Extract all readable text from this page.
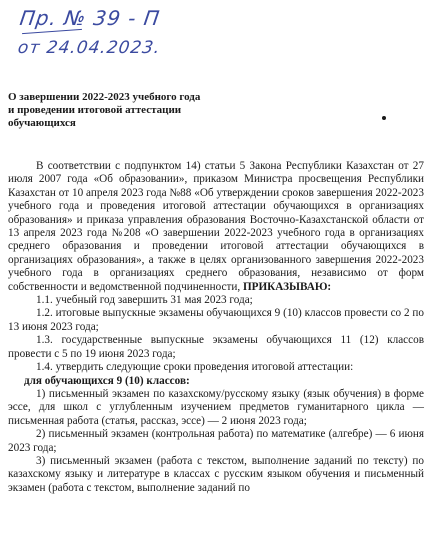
Пр. № 39 - П
от 24.04.2023.
О завершении 2022-2023 учебного года
и проведении итоговой аттестации
обучающихся

В соответствии с подпунктом 14) статьи 5 Закона Республики Казахстан от 27 июля 2007 года «Об образовании», приказом Министра просвещения Республики Казахстан от 10 апреля 2023 года №88 «Об утверждении сроков завершения 2022-2023 учебного года и проведения итоговой аттестации обучающихся в организациях образования» и приказа управления образования Восточно-Казахстанской области от 13 апреля 2023 года №208 «О завершении 2022-2023 учебного года в организациях среднего образования и проведении итоговой аттестации обучающихся в организациях образования», а также в целях организованного завершения 2022-2023 учебного года в организациях среднего образования, независимо от форм собственности и ведомственной подчиненности, ПРИКАЗЫВАЮ:

1.1. учебный год завершить 31 мая 2023 года;

1.2. итоговые выпускные экзамены обучающихся 9 (10) классов провести со 2 по 13 июня 2023 года;

1.3. государственные выпускные экзамены обучающихся 11 (12) классов провести с 5 по 19 июня 2023 года;

1.4. утвердить следующие сроки проведения итоговой аттестации:

для обучающихся 9 (10) классов:

1) письменный экзамен по казахскому/русскому языку (язык обучения) в форме эссе, для школ с углубленным изучением предметов гуманитарного цикла — письменная работа (статья, рассказ, эссе) — 2 июня 2023 года;

2) письменный экзамен (контрольная работа) по математике (алгебре) — 6 июня 2023 года;

3) письменный экзамен (работа с текстом, выполнение заданий по тексту) по казахскому языку и литературе в классах с русским языком обучения и письменный экзамен (работа с текстом, выполнение заданий по
